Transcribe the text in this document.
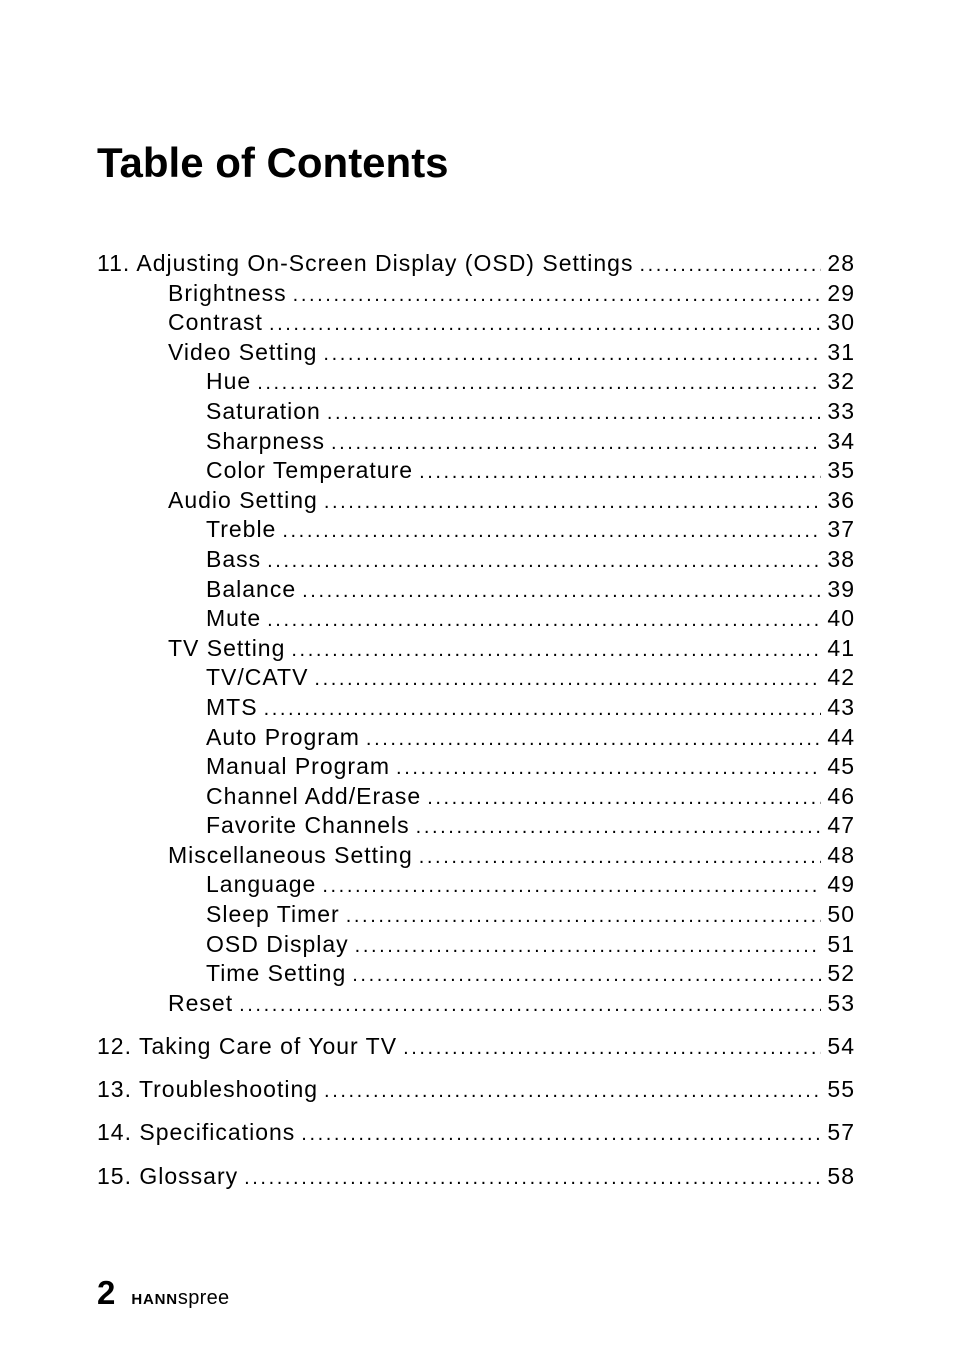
Table of Contents
11. Adjusting On-Screen Display (OSD) Settings .....	28
Brightness .....	29
Contrast .....	30
Video Setting .....	31
Hue .....	32
Saturation .....	33
Sharpness .....	34
Color Temperature .....	35
Audio Setting .....	36
Treble .....	37
Bass .....	38
Balance .....	39
Mute .....	40
TV Setting .....	41
TV/CATV .....	42
MTS .....	43
Auto Program .....	44
Manual Program .....	45
Channel Add/Erase .....	46
Favorite Channels .....	47
Miscellaneous Setting .....	48
Language .....	49
Sleep Timer .....	50
OSD Display .....	51
Time Setting .....	52
Reset .....	53
12. Taking Care of Your TV .....	54
13. Troubleshooting .....	55
14. Specifications .....	57
15. Glossary .....	58
2 HANNspree
